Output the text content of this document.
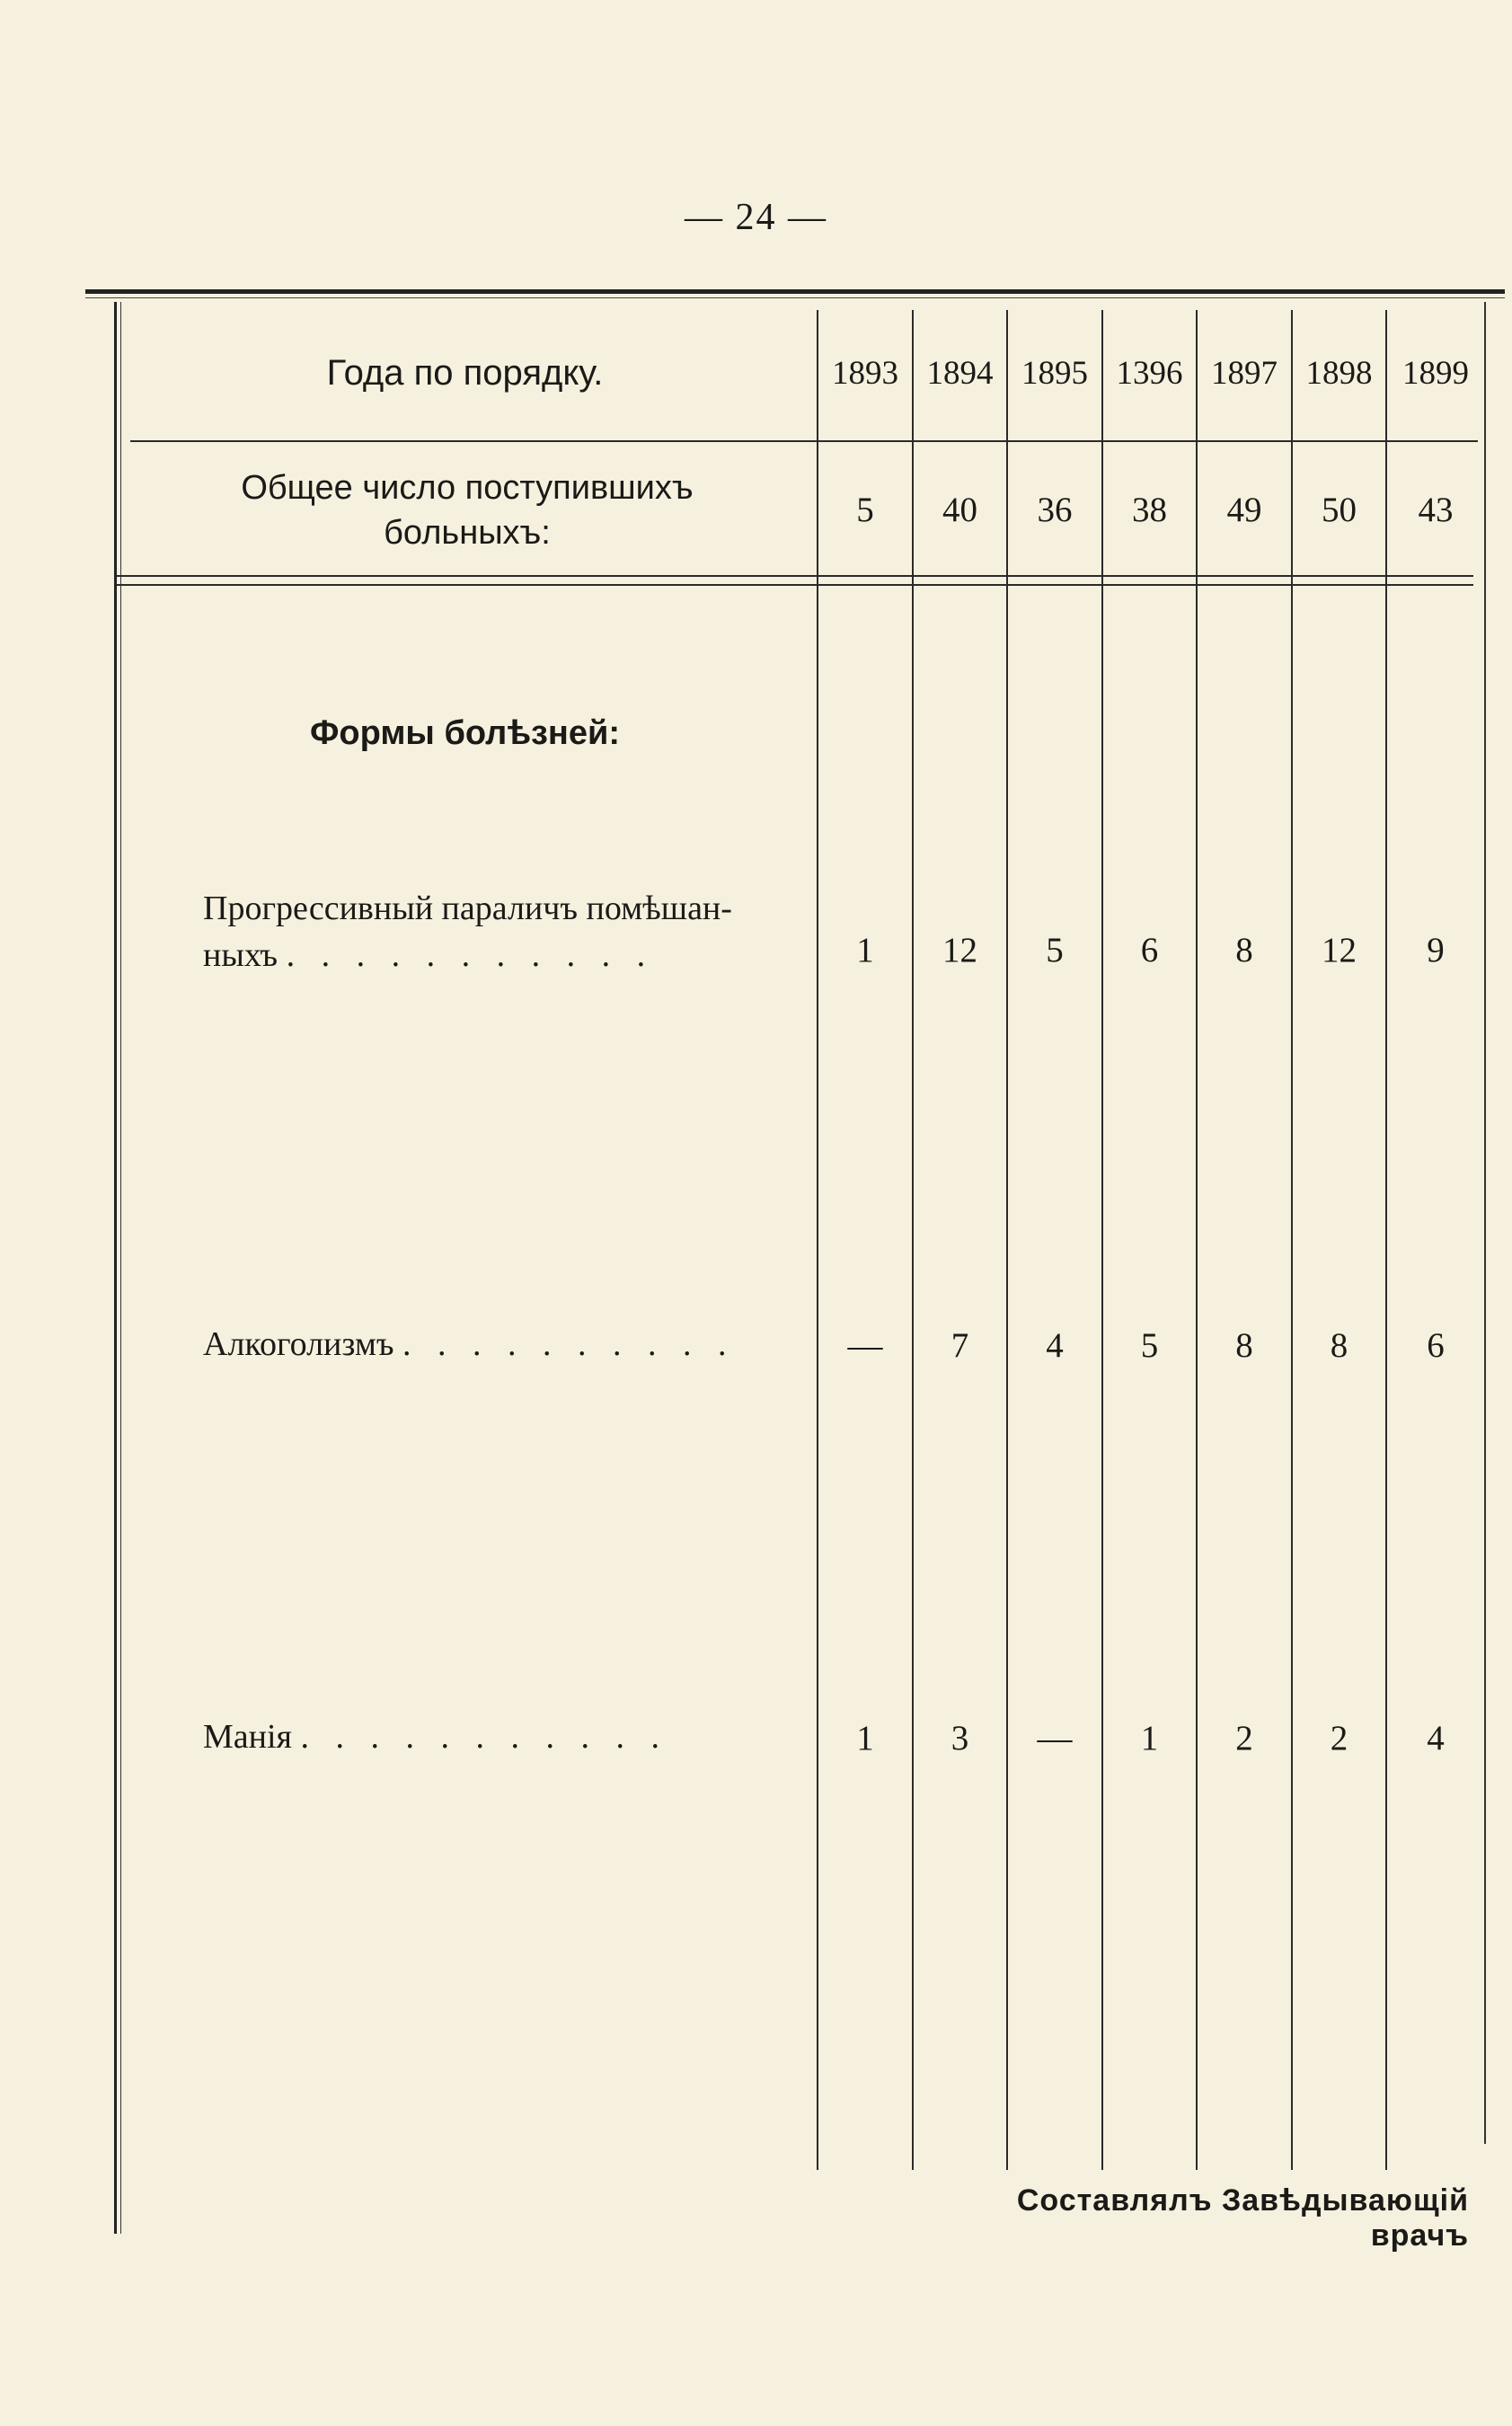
— 24 —
Года по порядку.	1893 1894 1895 1396 1897 1898 1899
Общее число поступившихъ больныхъ:
5	40	36	38	49	50	43
Формы болѣзней:
Прогрессивный параличъ помѣшан-
ныхъ . . . . . . . . . . .	1	12	5	6	8	12	9
Алкоголизмъ . . . . . . . . . .	—	7	4	5	8	8	6
Манія . . . . . . . . . . .	1	3	—	1	2	2	4
Составлялъ Завѣдывающій врачъ
